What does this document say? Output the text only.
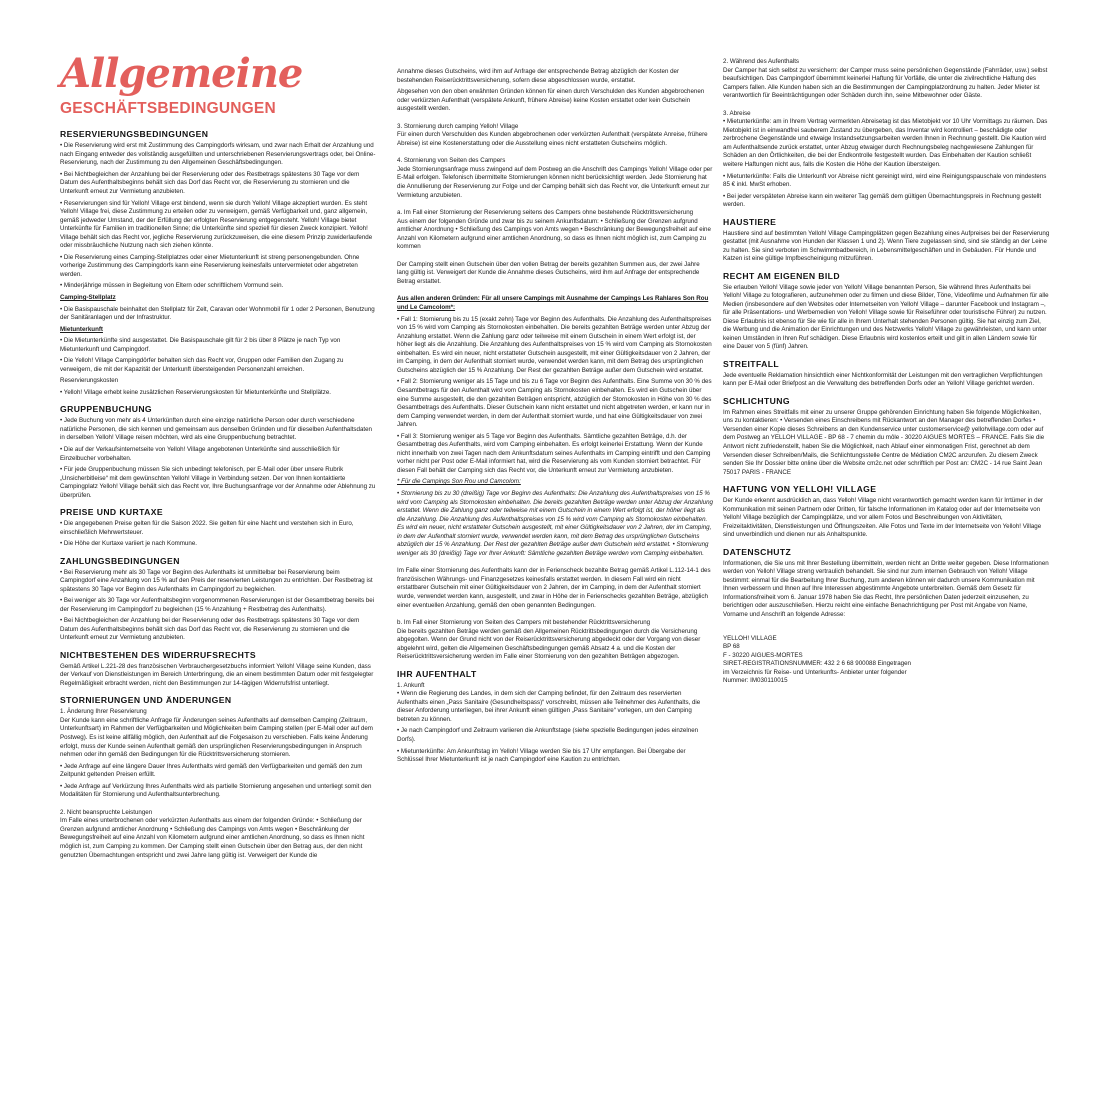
Allgemeine
GESCHÄFTSBEDINGUNGEN
RESERVIERUNGSBEDINGUNGEN

• Die Reservierung wird erst mit Zustimmung des Campingdorfs wirksam, und zwar nach Erhalt der Anzahlung und nach Eingang entweder des vollständig ausgefüllten und unterschriebenen Reservierungsvertrags oder, bei Online-Reservierung, nach der Zustimmung zu den Allgemeinen Geschäftsbedingungen.

• Bei Nichtbegleichen der Anzahlung bei der Reservierung oder des Restbetrags spätestens 30 Tage vor dem Datum des Aufenthaltsbeginns behält sich das Dorf das Recht vor, die Reservierung zu stornieren und die Unterkunft erneut zur Vermietung anzubieten.

• Reservierungen sind für Yelloh! Village erst bindend, wenn sie durch Yelloh! Village akzeptiert wurden. Es steht Yelloh! Village frei, diese Zustimmung zu erteilen oder zu verweigern, gemäß Verfügbarkeit und, ganz allgemein, gemäß jedweder Umstand, der der Erfüllung der erfolgten Reservierung entgegensteht. Yelloh! Village bietet Unterkünfte für Familien im traditionellen Sinne; die Unterkünfte sind speziell für diesen Zweck konzipiert. Yelloh! Village behält sich das Recht vor, jegliche Reservierung zurückzuweisen, die eine diesem Prinzip zuwiderlaufende oder missbräuchliche Nutzung nach sich ziehen könnte.

• Die Reservierung eines Camping-Stellplatzes oder einer Mietunterkunft ist streng personengebunden. Ohne vorherige Zustimmung des Campingdorfs kann eine Reservierung keinesfalls untervermietet oder abgetreten werden.

• Minderjährige müssen in Begleitung von Eltern oder schriftlichem Vormund sein.

Camping-Stellplatz

• Die Basispauschale beinhaltet den Stellplatz für Zelt, Caravan oder Wohnmobil für 1 oder 2 Personen, Benutzung der Sanitäranlagen und der Infrastruktur.

Mietunterkunft

• Die Mietunterkünfte sind ausgestattet. Die Basispauschale gilt für 2 bis über 8 Plätze je nach Typ von Mietunterkunft und Campingdorf.

• Die Yelloh! Village Campingdörfer behalten sich das Recht vor, Gruppen oder Familien den Zugang zu verweigern, die mit der Kapazität der Unterkunft übersteigenden Personenzahl erreichen.

Reservierungskosten

• Yelloh! Village erhebt keine zusätzlichen Reservierungskosten für Mietunterkünfte und Stellplätze.

GRUPPENBUCHUNG

• Jede Buchung von mehr als 4 Unterkünften durch eine einzige natürliche Person oder durch verschiedene natürliche Personen, die sich kennen und gemeinsam aus denselben Gründen und für dieselben Aufenthaltsdaten in derselben Yelloh! Village reisen möchten, wird als eine Gruppenbuchung betrachtet.

• Die auf der Verkaufsinternetseite von Yelloh! Village angebotenen Unterkünfte sind ausschließlich für Einzelbucher vorbehalten.

• Für jede Gruppenbuchung müssen Sie sich unbedingt telefonisch, per E-Mail oder über unsere Rubrik „Unsicherbitleise“ mit dem gewünschten Yelloh! Village in Verbindung setzen. Der von Ihnen kontaktierte Campingplatz Yelloh! Village behält sich das Recht vor, Ihre Buchungsanfrage vor der Annahme oder Ablehnung zu überprüfen.

PREISE UND KURTAXE

• Die angegebenen Preise gelten für die Saison 2022. Sie gelten für eine Nacht und verstehen sich in Euro, einschließlich Mehrwertsteuer.

• Die Höhe der Kurtaxe variiert je nach Kommune.

ZAHLUNGSBEDINGUNGEN

• Bei Reservierung mehr als 30 Tage vor Beginn des Aufenthalts ist unmittelbar bei Reservierung beim Campingdorf eine Anzahlung von 15 % auf den Preis der reservierten Leistungen zu entrichten. Der Restbetrag ist spätestens 30 Tage vor Beginn des Aufenthalts im Campingdorf zu begleichen.

• Bei weniger als 30 Tage vor Aufenthaltsbeginn vorgenommenen Reservierungen ist der Gesamtbetrag bereits bei der Reservierung im Campingdorf zu begleichen (15 % Anzahlung + Restbetrag des Aufenthalts).

• Bei Nichtbegleichen der Anzahlung bei der Reservierung oder des Restbetrags spätestens 30 Tage vor dem Datum des Aufenthaltsbeginns behält sich das Dorf das Recht vor, die Reservierung zu stornieren und die Unterkunft erneut zur Vermietung anzubieten.

NICHTBESTEHEN DES WIDERRUFSRECHTS

Gemäß Artikel L.221-28 des französischen Verbrauchergesetzbuchs informiert Yelloh! Village seine Kunden, dass der Verkauf von Dienstleistungen im Bereich Unterbringung, die an einem bestimmten Datum oder mit festgelegter Regelmäßigkeit erbracht werden, nicht den Bestimmungen zur 14-tägigen Widerrufsfrist unterliegt.

STORNIERUNGEN UND ÄNDERUNGEN

1. Änderung Ihrer Reservierung

Der Kunde kann eine schriftliche Anfrage für Änderungen seines Aufenthalts auf demselben Camping (Zeitraum, Unterkunftsart) im Rahmen der Verfügbarkeiten und Möglichkeiten beim Camping stellen (per E-Mail oder auf dem Postweg). Es ist keine allfällig möglich, den Aufenthalt auf die Folgesaison zu verschieben. Falls keine Änderung erfolgt, muss der Kunde seinen Aufenthalt gemäß den ursprünglichen Reservierungsbedingungen in Anspruch nehmen oder ihn gemäß den Bedingungen für die Rücktrittsversicherung stornieren.

• Jede Anfrage auf eine längere Dauer Ihres Aufenthalts wird gemäß den Verfügbarkeiten und gemäß den zum Zeitpunkt geltenden Preisen erfüllt.

• Jede Anfrage auf Verkürzung Ihres Aufenthalts wird als partielle Stornierung angesehen und unterliegt somit den Modalitäten für Stornierung und Aufenthaltsunterbrechung.

2. Nicht beanspruchte Leistungen

Im Falle eines unterbrochenen oder verkürzten Aufenthalts aus einem der folgenden Gründe: • Schließung der Grenzen aufgrund amtlicher Anordnung • Schließung des Campings von Amts wegen • Beschränkung der Bewegungsfreiheit auf eine Anzahl von Kilometern aufgrund einer amtlichen Anordnung, so dass es Ihnen nicht möglich ist, zum Camping zu kommen. Der Camping stellt einen Gutschein über den Betrag aus, der den nicht genutzten Übernachtungen entspricht und zwei Jahre lang gültig ist. Verweigert der Kunde die

Annahme dieses Gutscheins, wird ihm auf Anfrage der entsprechende Betrag abzüglich der Kosten der bestehenden Reiserücktrittsversicherung, sofern diese abgeschlossen wurde, erstattet.

Abgesehen von den oben erwähnten Gründen können für einen durch Verschulden des Kunden abgebrochenen oder verkürzten Aufenthalt (verspätete Ankunft, frühere Abreise) keine Kosten erstattet oder kein Gutschein ausgestellt werden.

3. Stornierung durch camping Yelloh! Village

Für einen durch Verschulden des Kunden abgebrochenen oder verkürzten Aufenthalt (verspätete Anreise, frühere Abreise) ist eine Kostenerstattung oder die Ausstellung eines nicht erstatteten Gutscheins möglich.

4. Stornierung von Seiten des Campers

Jede Stornierungsanfrage muss zwingend auf dem Postweg an die Anschrift des Campings Yelloh! Village oder per E-Mail erfolgen. Telefonisch übermittelte Stornierungen können nicht berücksichtigt werden. Jede Stornierung hat die Annullierung der Reservierung zur Folge und der Camping behält sich das Recht vor, die Unterkunft erneut zur Vermietung anzubieten.

a. Im Fall einer Stornierung der Reservierung seitens des Campers ohne bestehende Rücktrittsversicherung

Aus einem der folgenden Gründe und zwar bis zu seinem Ankunftsdatum: • Schließung der Grenzen aufgrund amtlicher Anordnung • Schließung des Campings von Amts wegen • Beschränkung der Bewegungsfreiheit auf eine Anzahl von Kilometern aufgrund einer amtlichen Anordnung, so dass es Ihnen nicht möglich ist, zum Camping zu kommen

Der Camping stellt einen Gutschein über den vollen Betrag der bereits gezahlten Summen aus, der zwei Jahre lang gültig ist. Verweigert der Kunde die Annahme dieses Gutscheins, wird ihm auf Anfrage der entsprechende Betrag erstattet.

Aus allen anderen Gründen: Für all unsere Campings mit Ausnahme der Campings Les Rahlares Son Rou und Le Camcolom*:

• Fall 1: Stornierung bis zu 15 (exakt zehn) Tage vor Beginn des Aufenthalts. Die Anzahlung des Aufenthaltspreises von 15 % wird vom Camping als Stornokosten einbehalten. Die bereits gezahlten Beträge werden unter Abzug der Anzahlung erstattet. Wenn die Zahlung ganz oder teilweise mit einem Gutschein in einem Wert erfolgt ist, der höher liegt als die Anzahlung. Die Anzahlung des Aufenthaltspreises von 15 % wird vom Camping als Stornokosten einbehalten. Es wird ein neuer, nicht erstatteter Gutschein ausgestellt, mit einer Gültigkeitsdauer von 2 Jahren, der im Camping, in dem der Aufenthalt storniert wurde, verwendet werden kann, mit dem Betrag des ursprünglichen Gutscheins abzüglich der 15 % Anzahlung. Der Rest der gezahlten Beträge außer dem Gutschein wird erstattet.

• Fall 2: Stornierung weniger als 15 Tage und bis zu 6 Tage vor Beginn des Aufenthalts. Eine Summe von 30 % des Gesamtbetrags für den Aufenthalt wird vom Camping als Stornokosten einbehalten. Es wird ein Gutschein über eine Summe ausgestellt, die den gezahlten Beträgen entspricht, abzüglich der Stornokosten in Höhe von 30 % des Gesamtbetrags des Aufenthalts. Dieser Gutschein kann nicht erstattet und nicht abgetreten werden, er kann nur in dem Camping verwendet werden, in dem der Aufenthalt storniert wurde, und hat eine Gültigkeitsdauer von zwei Jahren.

• Fall 3: Stornierung weniger als 5 Tage vor Beginn des Aufenthalts. Sämtliche gezahlten Beträge, d.h. der Gesamtbetrag des Aufenthalts, wird vom Camping einbehalten. Es erfolgt keinerlei Erstattung. Wenn der Kunde nicht innerhalb von zwei Tagen nach dem Ankunftsdatum seines Aufenthalts im Camping eintrifft und den Camping vorher nicht per Post oder E-Mail informiert hat, wird die Reservierung als vom Kunden storniert betrachtet. Für diesen Fall behält der Camping sich das Recht vor, die Unterkunft erneut zur Vermietung anzubieten.

* Für die Campings Son Rou und Camcolom:

• Stornierung bis zu 30 (dreißig) Tage vor Beginn des Aufenthalts: Die Anzahlung des Aufenthaltspreises von 15 % wird vom Camping als Stornokosten einbehalten. Die bereits gezahlten Beträge werden unter Abzug der Anzahlung erstattet. Wenn die Zahlung ganz oder teilweise mit einem Gutschein in einem Wert erfolgt ist, der höher liegt als die Anzahlung. Die Anzahlung des Aufenthaltspreises von 15 % wird vom Camping als Stornokosten einbehalten. Es wird ein neuer, nicht erstatteter Gutschein ausgestellt, mit einer Gültigkeitsdauer von 2 Jahren, der im Camping, in dem der Aufenthalt storniert wurde, verwendet werden kann, mit dem Betrag des ursprünglichen Gutscheins abzüglich der 15 % Anzahlung. Der Rest der gezahlten Beträge außer dem Gutschein wird erstattet. • Stornierung weniger als 30 (dreißig) Tage vor Ihrer Ankunft: Sämtliche gezahlten Beträge werden vom Camping einbehalten.

Im Falle einer Stornierung des Aufenthalts kann der in Ferienscheck bezahlte Betrag gemäß Artikel L.112-14-1 des französischen Währungs- und Finanzgesetzes keinesfalls erstattet werden. In diesem Fall wird ein nicht erstattbarer Gutschein mit einer Gültigkeitsdauer von 2 Jahren, der im Camping, in dem der Aufenthalt storniert wurde, verwendet werden kann, ausgestellt, und zwar in Höhe der in Ferienschecks gezahlten Beträge, abzüglich einer eventuellen Anzahlung, gemäß den oben genannten Bedingungen.

b. Im Fall einer Stornierung von Seiten des Campers mit bestehender Rücktrittsversicherung

Die bereits gezahlten Beträge werden gemäß den Allgemeinen Rücktrittsbedingungen durch die Versicherung abgegolten. Wenn der Grund nicht von der Reiserücktrittsversicherung abgedeckt oder der Vorgang von dieser abgelehnt wird, gelten die Allgemeinen Geschäftsbedingungen gemäß Absatz 4 a. und die Kosten der Reiserücktrittsversicherung werden im Falle einer Stornierung von den gezahlten Beträgen abgezogen.

IHR AUFENTHALT

1. Ankunft

• Wenn die Regierung des Landes, in dem sich der Camping befindet, für den Zeitraum des reservierten Aufenthalts einen „Pass Sanitaire (Gesundheitspass)“ vorschreibt, müssen alle Teilnehmer des Aufenthalts, die dieser Anforderung unterliegen, bei ihrer Ankunft einen gültigen „Pass Sanitaire“ vorlegen, um den Camping betreten zu können.

• Je nach Campingdorf und Zeitraum variieren die Ankunftstage (siehe spezielle Bedingungen jedes einzelnen Dorfs).

• Mietunterkünfte: Am Ankunftstag im Yelloh! Village werden Sie bis 17 Uhr empfangen. Bei Übergabe der Schlüssel Ihrer Mietunterkunft ist je nach Campingdorf eine Kaution zu entrichten.

2. Während des Aufenthalts

Der Camper hat sich selbst zu versichern: der Camper muss seine persönlichen Gegenstände (Fahrräder, usw.) selbst beaufsichtigen. Das Campingdorf übernimmt keinerlei Haftung für Vorfälle, die unter die zivilrechtliche Haftung des Campers fallen. Alle Kunden haben sich an die Bestimmungen der Campingplatzordnung zu halten. Jeder Mieter ist verantwortlich für Beeinträchtigungen oder Schäden durch ihn, seine Mitbewohner oder Gäste.

3. Abreise

• Mietunterkünfte: am in Ihrem Vertrag vermerkten Abreisetag ist das Mietobjekt vor 10 Uhr Vormittags zu räumen. Das Mietobjekt ist in einwandfrei sauberem Zustand zu übergeben, das Inventar wird kontrolliert – beschädigte oder zerbrochene Gegenstände und etwaige Instandsetzungsarbeiten werden Ihnen in Rechnung gestellt. Die Kaution wird am Aufenthaltsende zurück erstattet, unter Abzug etwaiger durch Rechnungsbeleg nachgewiesene Zahlungen für Schäden an den Örtlichkeiten, die bei der Endkontrolle festgestellt wurden. Das Einbehalten der Kaution schließt weitere Haftungen nicht aus, falls die Kosten die Höhe der Kaution übersteigen.

• Mietunterkünfte: Falls die Unterkunft vor Abreise nicht gereinigt wird, wird eine Reinigungspauschale von mindestens 85 € inkl. MwSt erhoben.

• Bei jeder verspäteten Abreise kann ein weiterer Tag gemäß dem gültigen Übernachtungspreis in Rechnung gestellt werden.

HAUSTIERE

Haustiere sind auf bestimmten Yelloh! Village Campingplätzen gegen Bezahlung eines Aufpreises bei der Reservierung gestattet (mit Ausnahme von Hunden der Klassen 1 und 2). Wenn Tiere zugelassen sind, sind sie ständig an der Leine zu halten. Sie sind verboten im Schwimmbadbereich, in Lebensmittelgeschäften und in Gebäuden. Für Hunde und Katzen ist eine gültige Impfbescheinigung mitzuführen.

RECHT AM EIGENEN BILD

Sie erlauben Yelloh! Village sowie jeder von Yelloh! Village benannten Person, Sie während Ihres Aufenthalts bei Yelloh! Village zu fotografieren, aufzunehmen oder zu filmen und diese Bilder, Töne, Videofilme und Aufnahmen für alle Medien (insbesondere auf den Websites oder Internetseiten von Yelloh! Village – darunter Facebook und Instagram –, für alle Präsentations- und Werbemedien von Yelloh! Village sowie für Reiseführer oder touristische Führer) zu nutzen. Diese Erlaubnis ist ebenso für Sie wie für alle in Ihrem Unterhalt stehenden Personen gültig. Sie hat einzig zum Ziel, die Werbung und die Animation der Einrichtungen und des Netzwerks Yelloh! Village zu gewährleisten, und kann unter keinen Umständen in Ihren Ruf schädigen. Diese Erlaubnis wird kostenlos erteilt und gilt in allen Ländern sowie für eine Dauer von 5 (fünf) Jahren.

STREITFALL

Jede eventuelle Reklamation hinsichtlich einer Nichtkonformität der Leistungen mit den vertraglichen Verpflichtungen kann per E-Mail oder Briefpost an die Verwaltung des betreffenden Dorfs oder an Yelloh! Village gerichtet werden.

SCHLICHTUNG

Im Rahmen eines Streitfalls mit einer zu unserer Gruppe gehörenden Einrichtung haben Sie folgende Möglichkeiten, uns zu kontaktieren: • Versenden eines Einschreibens mit Rückantwort an den Manager des betreffenden Dorfes • Versenden einer Kopie dieses Schreibens an den Kundenservice unter customerservice@ yellohvillage.com oder auf dem Postweg an YELLOH VILLAGE - BP 68 - 7 chemin du môle - 30220 AIGUES MORTES – FRANCE. Falls Sie die Antwort nicht zufriedenstellt, haben Sie die Möglichkeit, nach Ablauf einer einmonatigen Frist, gerechnet ab dem Versenden dieser Schreiben/Mails, die Schlichtungsstelle Centre de Médiation CM2C anzurufen. Zu diesem Zweck senden Sie Ihr Dossier bitte online über die Website cm2c.net oder schriftlich per Post an: CM2C - 14 rue Saint Jean 75017 PARIS - FRANCE

HAFTUNG VON YELLOH! VILLAGE

Der Kunde erkennt ausdrücklich an, dass Yelloh! Village nicht verantwortlich gemacht werden kann für Irrtümer in der Kommunikation mit seinen Partnern oder Dritten, für falsche Informationen im Katalog oder auf der Internetseite von Yelloh! Village bezüglich der Campingplätze, und vor allem Fotos und Beschreibungen von Aktivitäten, Freizeitaktivitäten, Dienstleistungen und Öffnungszeiten. Alle Fotos und Texte im der Internetseite von Yelloh! Village sind unverbindlich und dienen nur als Anhaltspunkte.

DATENSCHUTZ

Informationen, die Sie uns mit Ihrer Bestellung übermitteln, werden nicht an Dritte weiter gegeben. Diese Informationen werden von Yelloh! Village streng vertraulich behandelt. Sie sind nur zum internen Gebrauch von Yelloh! Village bestimmt: einmal für die Bearbeitung Ihrer Buchung, zum anderen können wir dadurch unsere Kommunikation mit Ihnen verbessern und Ihnen auf Ihre Interessen abgestimmte Angebote unterbreiten. Gemäß dem Gesetz für Informationsfreiheit vom 6. Januar 1978 haben Sie das Recht, Ihre persönlichen Daten jederzeit einzusehen, zu berichtigen oder auszuschließen. Hierzu reicht eine einfache Benachrichtigung per Post mit Angabe von Name, Vorname und Anschrift an folgende Adresse:

YELLOH! VILLAGE
BP 68
F - 30220 AIGUES-MORTES
SIRET-REGISTRATIONSNUMMER: 432 2 6 68 900088 Eingetragen
im Verzeichnis für Reise- und Unterkunfts- Anbieter unter folgender
Nummer: IM030110015
